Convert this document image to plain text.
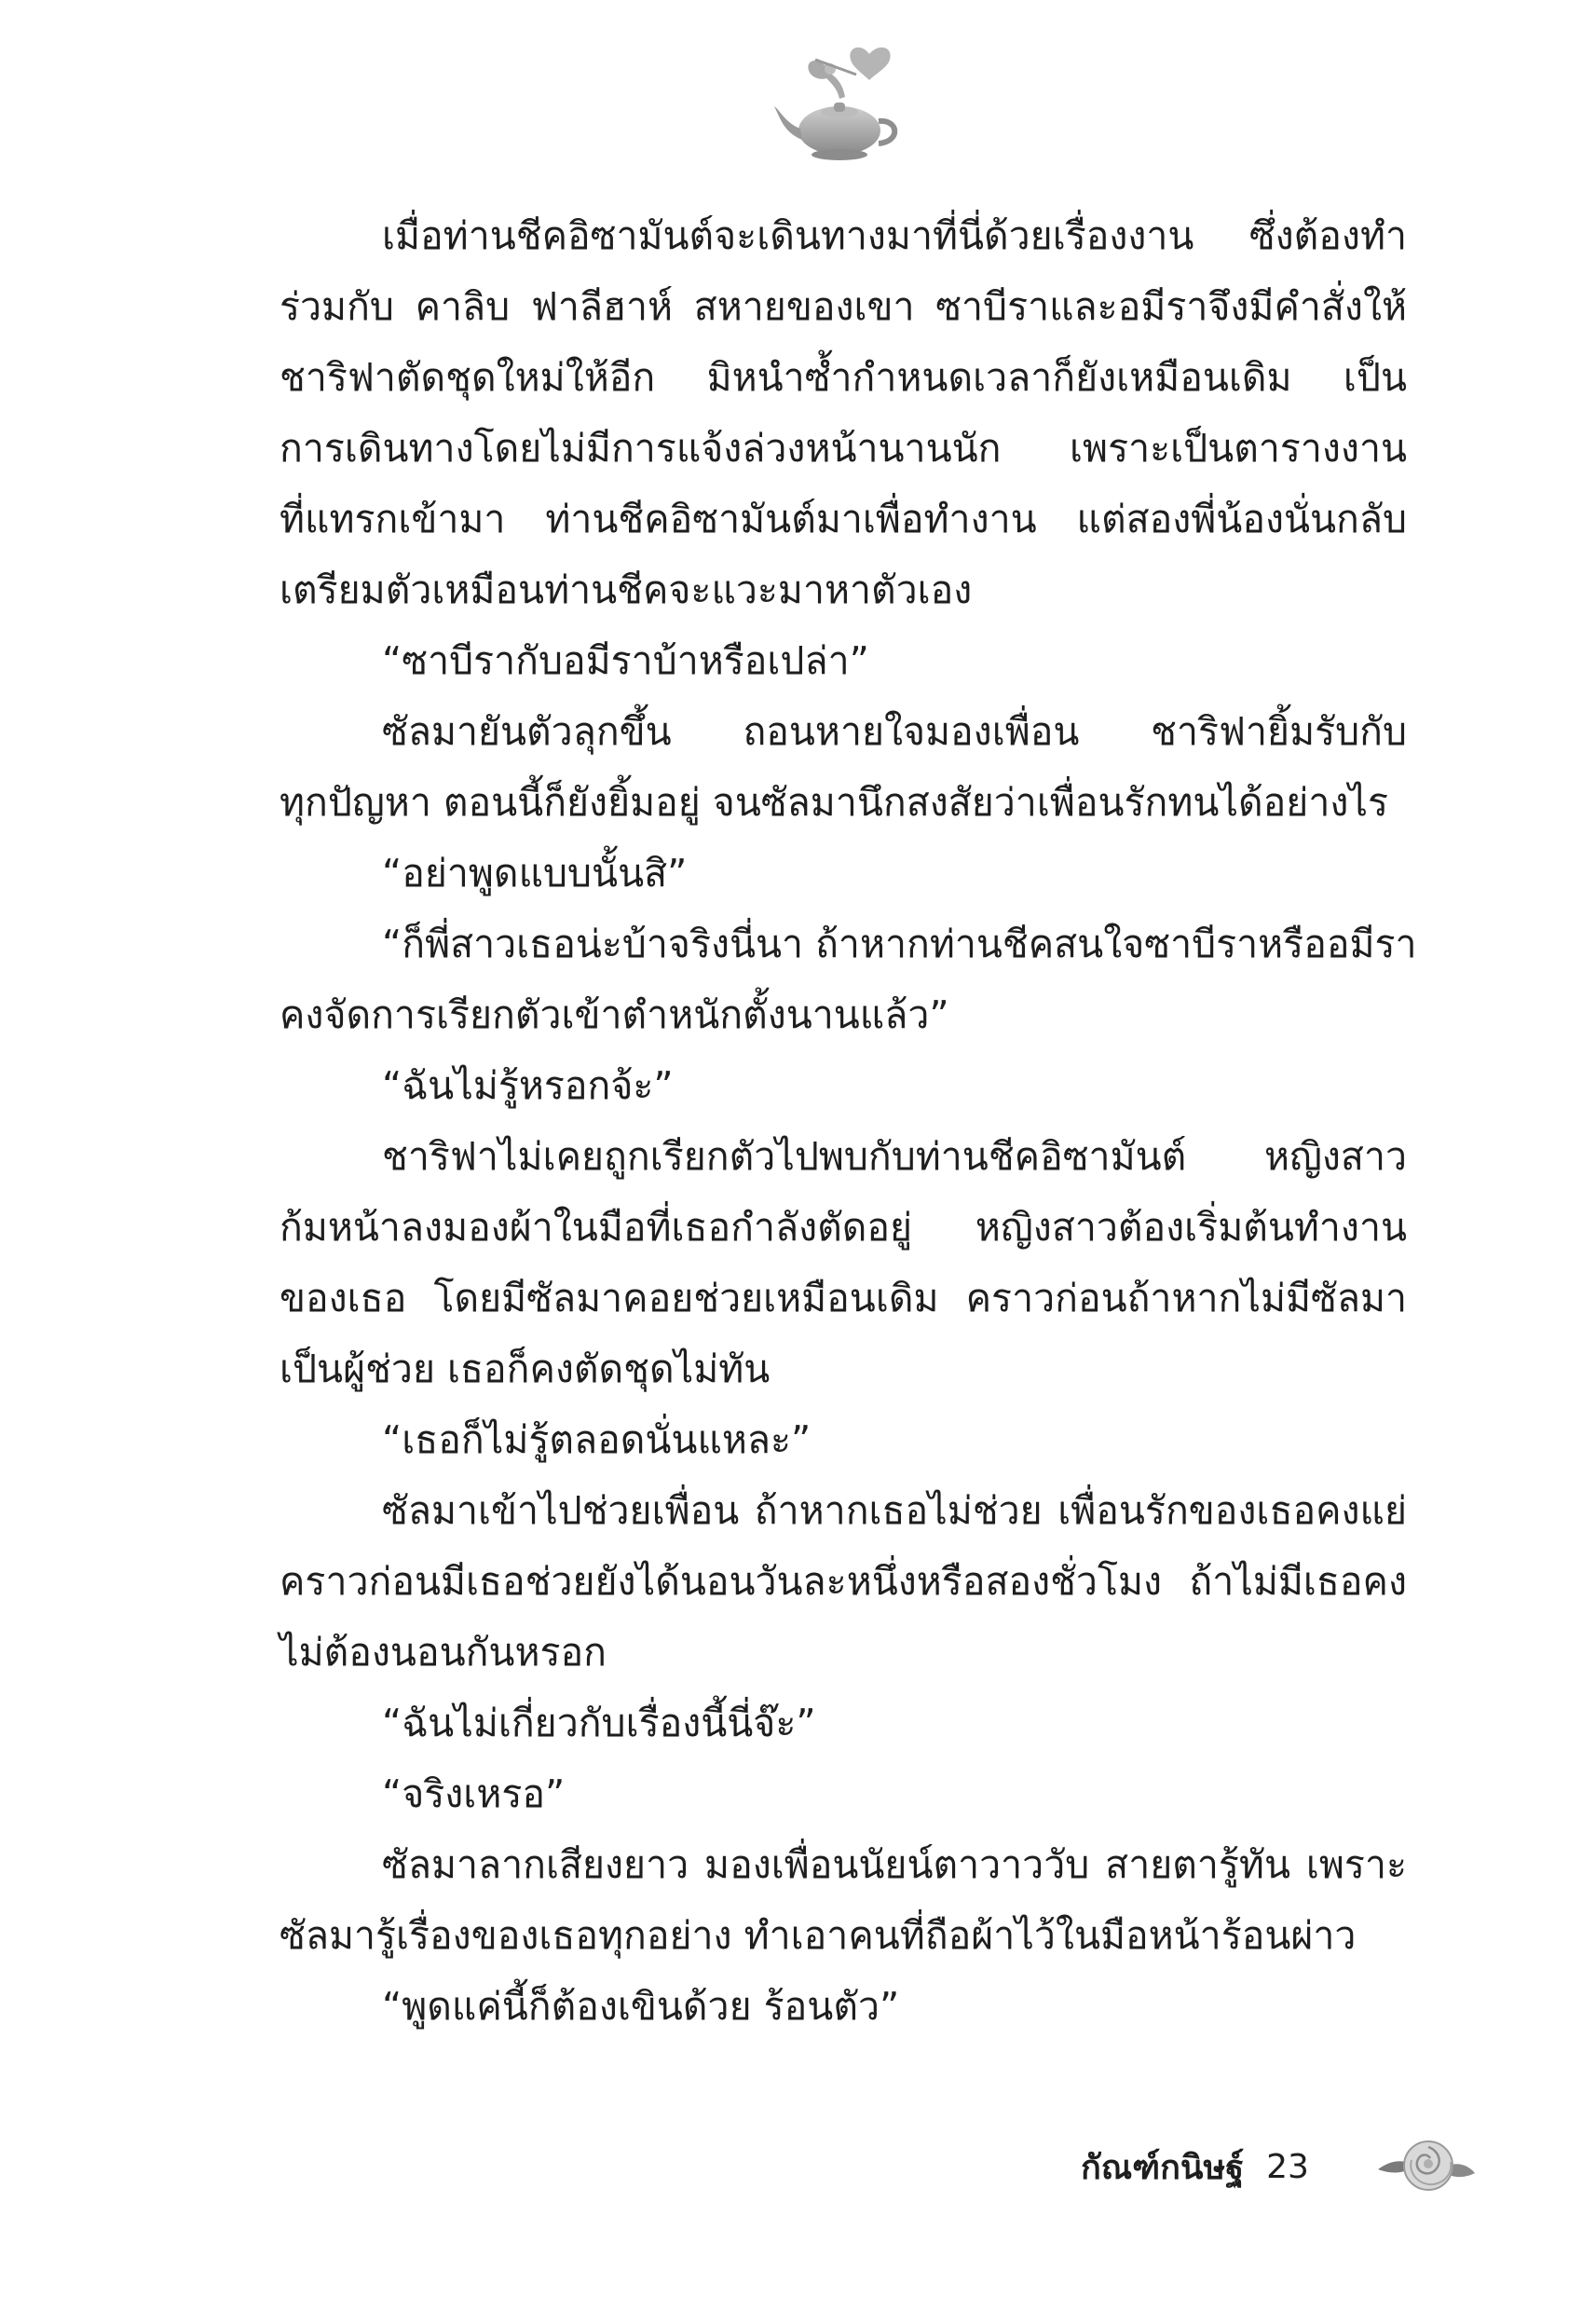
เมื่อท่านชีคอิซามันต์จะเดินทางมาที่นี่ด้วยเรื่องงาน ซึ่งต้องทำ
ร่วมกับ คาลิบ ฟาลีฮาห์ สหายของเขา ซาบีราและอมีราจึงมีคำสั่งให้
ชาริฟาตัดชุดใหม่ให้อีก มิหนำซ้ำกำหนดเวลาก็ยังเหมือนเดิม เป็น
การเดินทางโดยไม่มีการแจ้งล่วงหน้านานนัก เพราะเป็นตารางงาน
ที่แทรกเข้ามา ท่านชีคอิซามันต์มาเพื่อทำงาน แต่สองพี่น้องนั่นกลับ
เตรียมตัวเหมือนท่านชีคจะแวะมาหาตัวเอง
“ซาบีรากับอมีราบ้าหรือเปล่า”
ซัลมายันตัวลุกขึ้น ถอนหายใจมองเพื่อน ชาริฟายิ้มรับกับ
ทุกปัญหา ตอนนี้ก็ยังยิ้มอยู่ จนซัลมานึกสงสัยว่าเพื่อนรักทนได้อย่างไร
“อย่าพูดแบบนั้นสิ”
“ก็พี่สาวเธอน่ะบ้าจริงนี่นา ถ้าหากท่านชีคสนใจซาบีราหรืออมีรา
คงจัดการเรียกตัวเข้าตำหนักตั้งนานแล้ว”
“ฉันไม่รู้หรอกจ้ะ”
ชาริฟาไม่เคยถูกเรียกตัวไปพบกับท่านชีคอิซามันต์ หญิงสาว
ก้มหน้าลงมองผ้าในมือที่เธอกำลังตัดอยู่ หญิงสาวต้องเริ่มต้นทำงาน
ของเธอ โดยมีซัลมาคอยช่วยเหมือนเดิม คราวก่อนถ้าหากไม่มีซัลมา
เป็นผู้ช่วย เธอก็คงตัดชุดไม่ทัน
“เธอก็ไม่รู้ตลอดนั่นแหละ”
ซัลมาเข้าไปช่วยเพื่อน ถ้าหากเธอไม่ช่วย เพื่อนรักของเธอคงแย่
คราวก่อนมีเธอช่วยยังได้นอนวันละหนึ่งหรือสองชั่วโมง ถ้าไม่มีเธอคง
ไม่ต้องนอนกันหรอก
“ฉันไม่เกี่ยวกับเรื่องนี้นี่จ๊ะ”
“จริงเหรอ”
ซัลมาลากเสียงยาว มองเพื่อนนัยน์ตาวาววับ สายตารู้ทัน เพราะ
ซัลมารู้เรื่องของเธอทุกอย่าง ทำเอาคนที่ถือผ้าไว้ในมือหน้าร้อนผ่าว
“พูดแค่นี้ก็ต้องเขินด้วย ร้อนตัว”
กัณฑ์กนิษฐ์ 23
